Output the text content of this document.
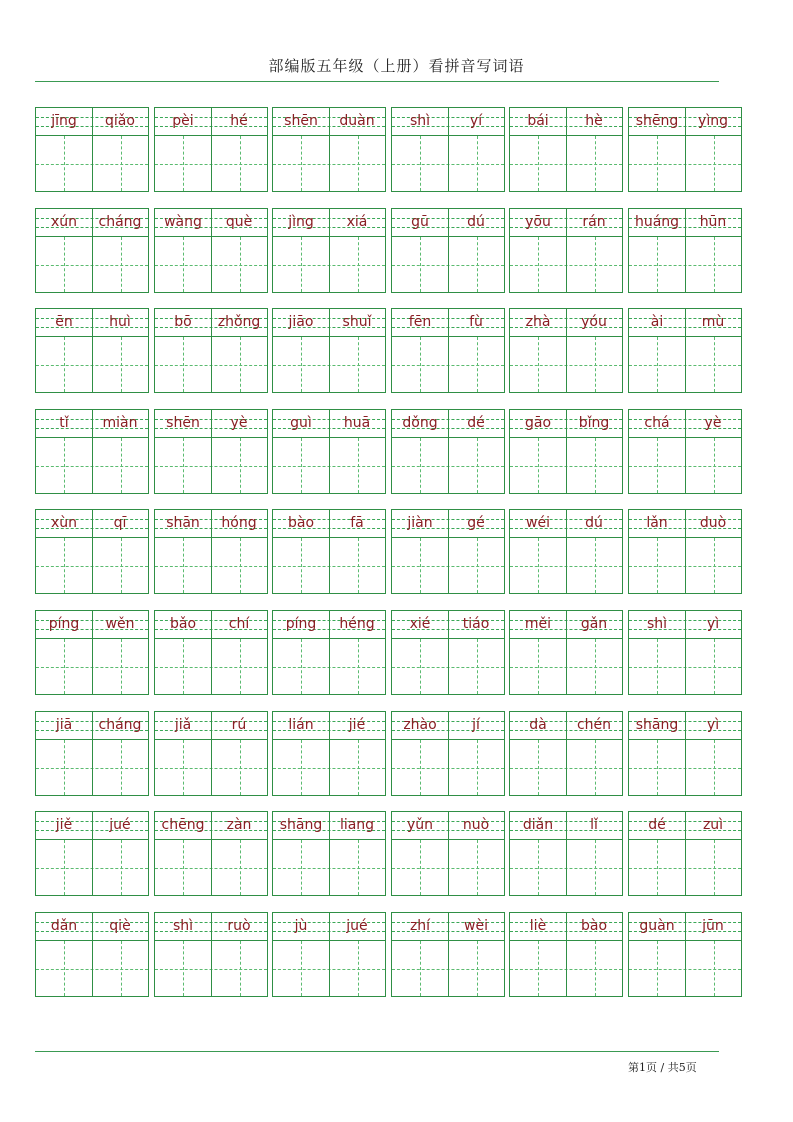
部编版五年级（上册）看拼音写词语
jīng	qiǎo	pèi	hé	shēn	duàn	shì	yí	bái	hè	shēng	yìng
xún	cháng	wàng	què	jìng	xiá	gū	dú	yōu	rán	huáng	hūn
ēn	huì	bō	zhǒng	jiāo	shuǐ	fēn	fù	zhà	yóu	ài	mù
tǐ	miàn	shēn	yè	guì	huā	dǒng	dé	gāo	bǐng	chá	yè
xùn	qī	shān	hóng	bào	fā	jiàn	gé	wéi	dú	lǎn	duò
píng	wěn	bǎo	chí	píng	héng	xié	tiáo	měi	gǎn	shì	yì
jiā	cháng	jiǎ	rú	lián	jié	zhào	jí	dà	chén	shāng	yì
jiě	jué	chēng	zàn	shāng	liang	yǔn	nuò	diǎn	lǐ	dé	zuì
dǎn	qiè	shì	ruò	jù	jué	zhí	wèi	liè	bào	guàn	jūn
第1页 / 共5页
